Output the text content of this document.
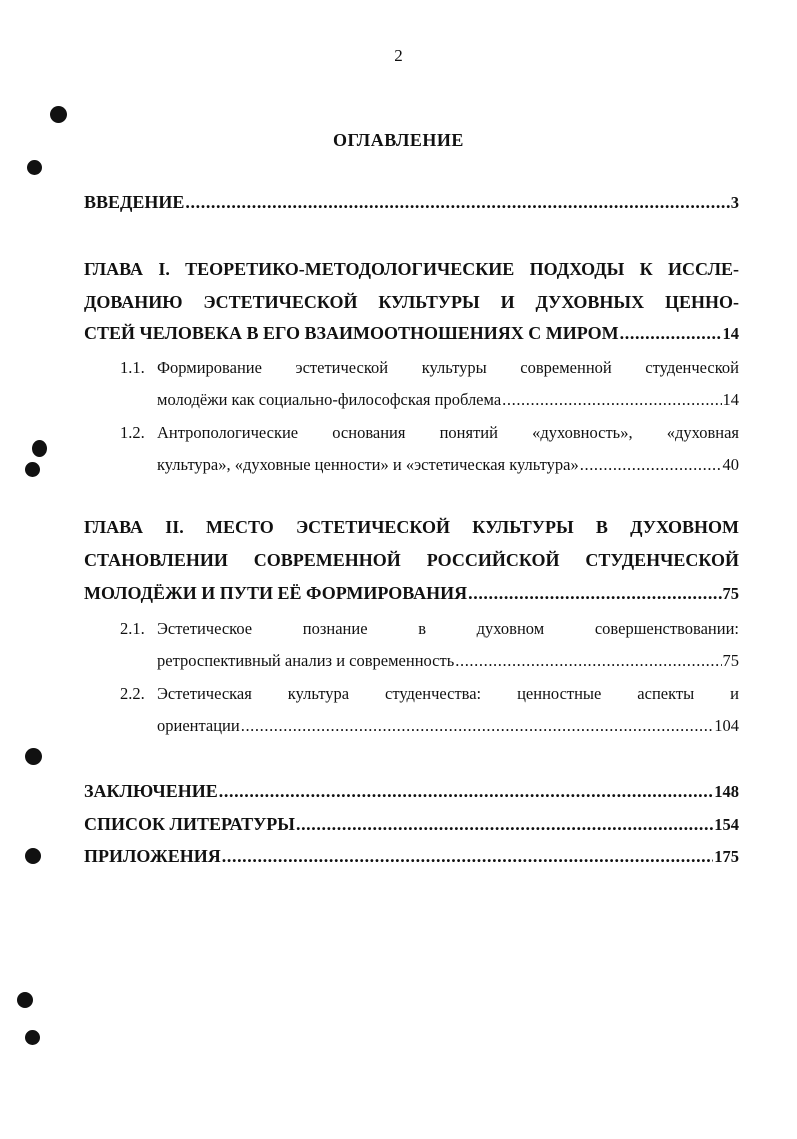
2
ОГЛАВЛЕНИЕ
ВВЕДЕНИЕ .....	3
ГЛАВА I. ТЕОРЕТИКО-МЕТОДОЛОГИЧЕСКИЕ ПОДХОДЫ К ИССЛЕ-
ДОВАНИЮ ЭСТЕТИЧЕСКОЙ КУЛЬТУРЫ И ДУХОВНЫХ ЦЕННО-
СТЕЙ ЧЕЛОВЕКА В ЕГО ВЗАИМООТНОШЕНИЯХ С МИРОМ .....	14
1.1. Формирование эстетической культуры современной студенческой
молодёжи как социально-философская проблема .....	14
1.2. Антропологические основания понятий «духовность», «духовная
культура», «духовные ценности» и «эстетическая культура» .....	40
ГЛАВА II. МЕСТО ЭСТЕТИЧЕСКОЙ КУЛЬТУРЫ В ДУХОВНОМ
СТАНОВЛЕНИИ СОВРЕМЕННОЙ РОССИЙСКОЙ СТУДЕНЧЕСКОЙ
МОЛОДЁЖИ И ПУТИ ЕЁ ФОРМИРОВАНИЯ .....	75
2.1. Эстетическое познание в духовном совершенствовании:
ретроспективный анализ и современность .....	75
2.2. Эстетическая культура студенчества: ценностные аспекты и
ориентации .....	104
ЗАКЛЮЧЕНИЕ .....	148
СПИСОК ЛИТЕРАТУРЫ .....	154
ПРИЛОЖЕНИЯ .....	175
